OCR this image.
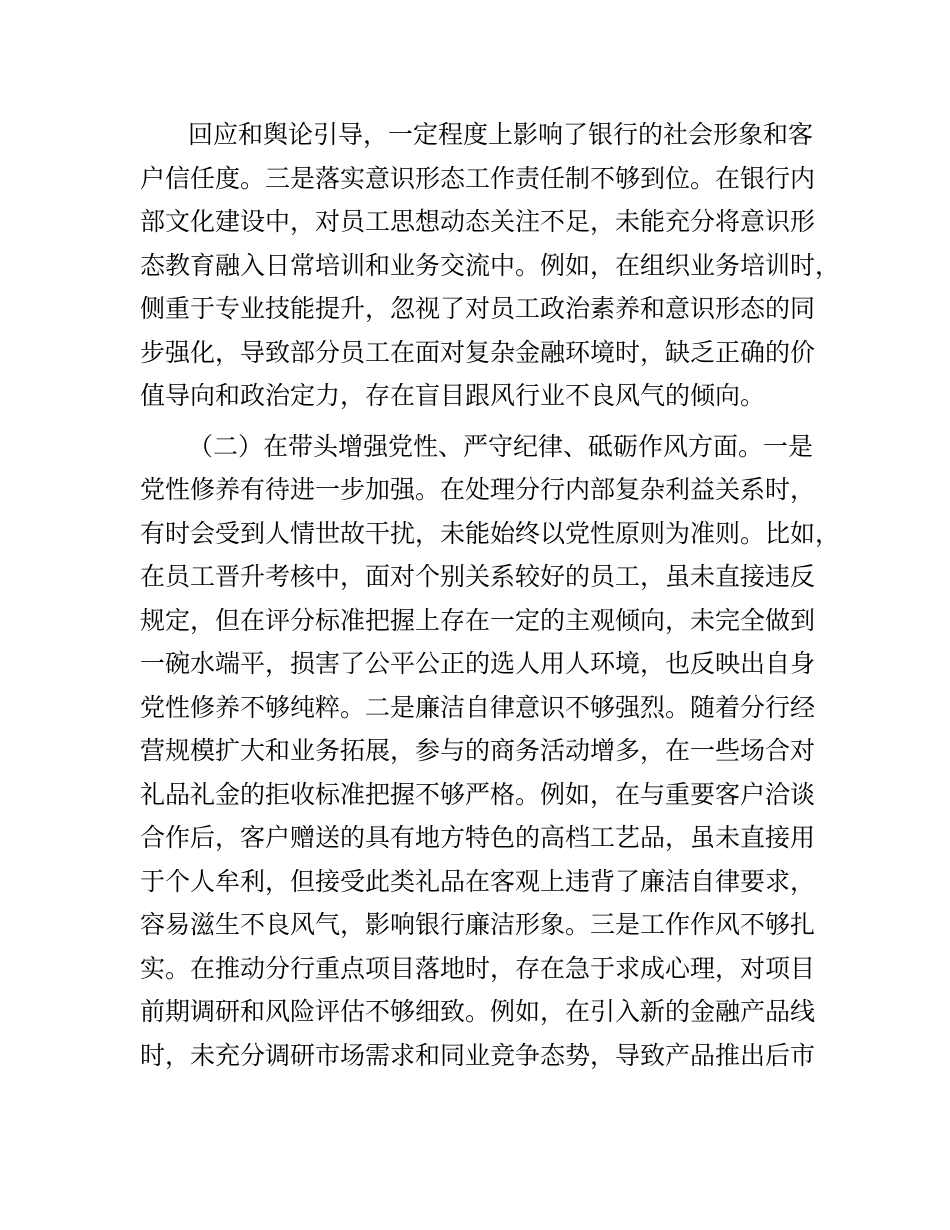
回应和舆论引导，一定程度上影响了银行的社会形象和客
户信任度。三是落实意识形态工作责任制不够到位。在银行内
部文化建设中，对员工思想动态关注不足，未能充分将意识形
态教育融入日常培训和业务交流中。例如，在组织业务培训时，
侧重于专业技能提升，忽视了对员工政治素养和意识形态的同
步强化，导致部分员工在面对复杂金融环境时，缺乏正确的价
值导向和政治定力，存在盲目跟风行业不良风气的倾向。
（二）在带头增强党性、严守纪律、砥砺作风方面。一是
党性修养有待进一步加强。在处理分行内部复杂利益关系时，
有时会受到人情世故干扰，未能始终以党性原则为准则。比如，
在员工晋升考核中，面对个别关系较好的员工，虽未直接违反
规定，但在评分标准把握上存在一定的主观倾向，未完全做到
一碗水端平，损害了公平公正的选人用人环境，也反映出自身
党性修养不够纯粹。二是廉洁自律意识不够强烈。随着分行经
营规模扩大和业务拓展，参与的商务活动增多，在一些场合对
礼品礼金的拒收标准把握不够严格。例如，在与重要客户洽谈
合作后，客户赠送的具有地方特色的高档工艺品，虽未直接用
于个人牟利，但接受此类礼品在客观上违背了廉洁自律要求，
容易滋生不良风气，影响银行廉洁形象。三是工作作风不够扎
实。在推动分行重点项目落地时，存在急于求成心理，对项目
前期调研和风险评估不够细致。例如，在引入新的金融产品线
时，未充分调研市场需求和同业竞争态势，导致产品推出后市
